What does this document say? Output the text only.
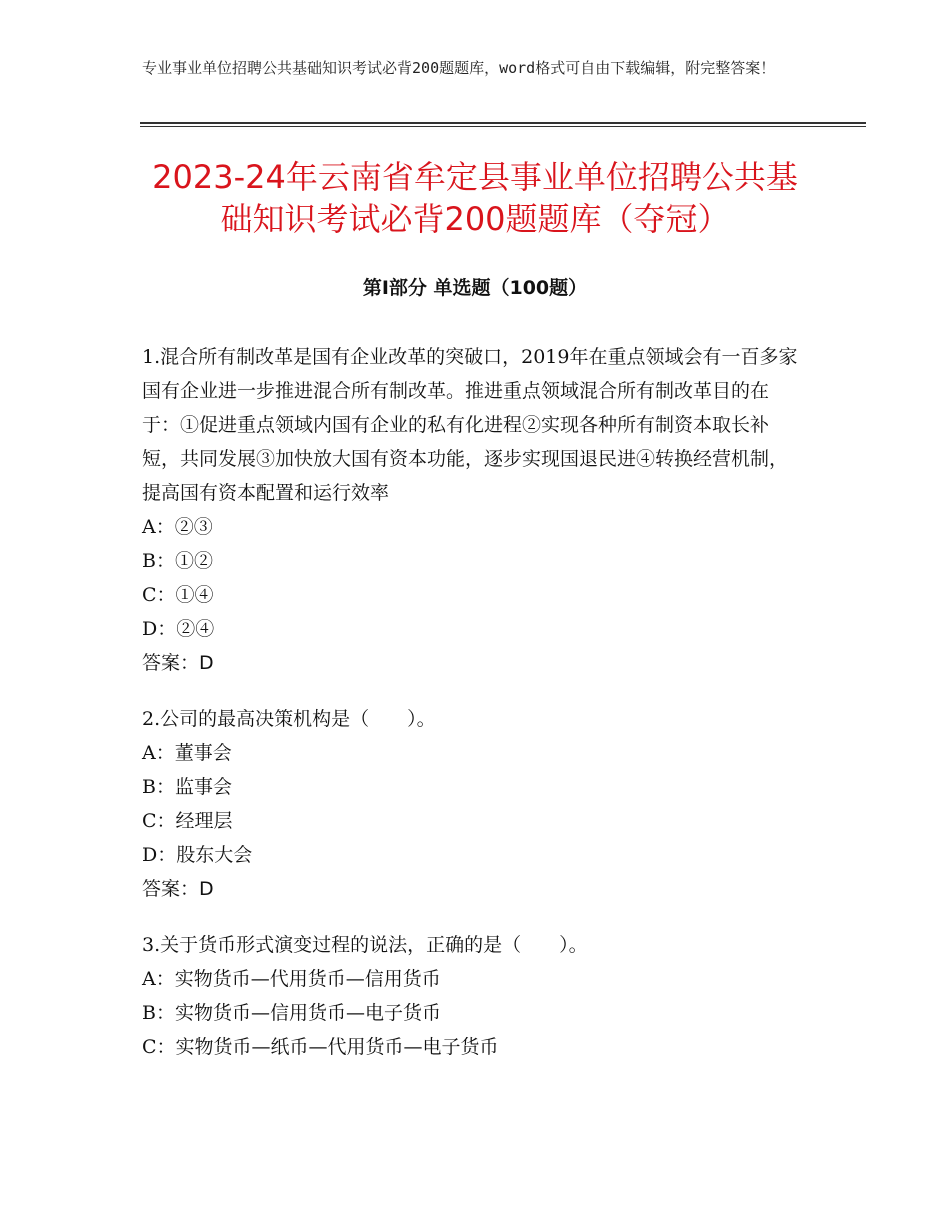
专业事业单位招聘公共基础知识考试必背200题题库，word格式可自由下载编辑，附完整答案！
2023-24年云南省牟定县事业单位招聘公共基础知识考试必背200题题库（夺冠）
第Ⅰ部分 单选题（100题）

1.混合所有制改革是国有企业改革的突破口，2019年在重点领域会有一百多家国有企业进一步推进混合所有制改革。推进重点领域混合所有制改革目的在于：①促进重点领域内国有企业的私有化进程②实现各种所有制资本取长补短，共同发展③加快放大国有资本功能，逐步实现国退民进④转换经营机制，提高国有资本配置和运行效率

A：②③

B：①②

C：①④

D：②④

答案：D

2.公司的最高决策机构是（　　）。

A：董事会

B：监事会

C：经理层

D：股东大会

答案：D

3.关于货币形式演变过程的说法，正确的是（　　）。

A：实物货币—代用货币—信用货币

B：实物货币—信用货币—电子货币

C：实物货币—纸币—代用货币—电子货币
